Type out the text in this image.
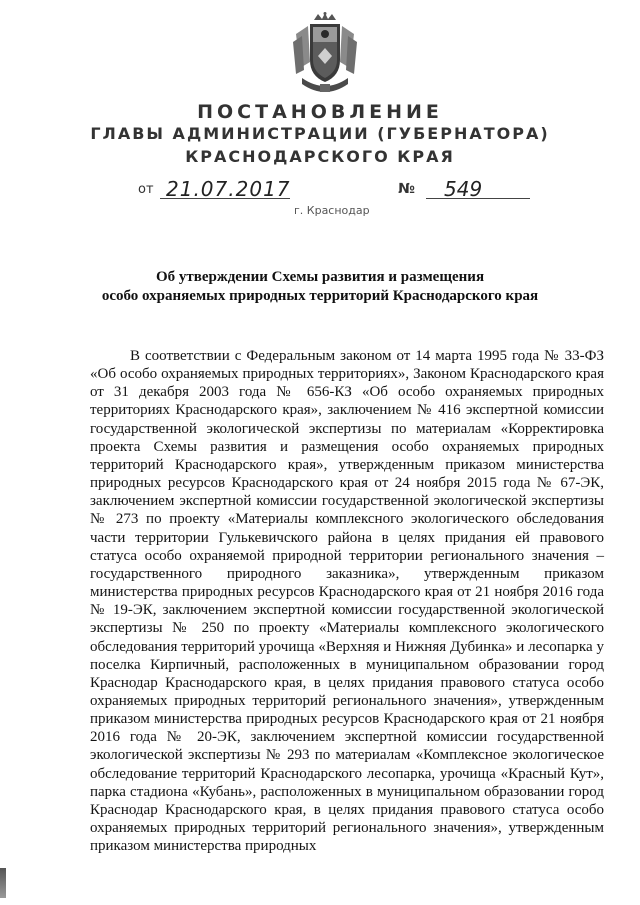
ПОСТАНОВЛЕНИЕ
ГЛАВЫ АДМИНИСТРАЦИИ (ГУБЕРНАТОРА)
КРАСНОДАРСКОГО КРАЯ
от 21.07.2017	№ 549
г. Краснодар
Об утверждении Схемы развития и размещения
особо охраняемых природных территорий Краснодарского края

В соответствии с Федеральным законом от 14 марта 1995 года № 33-ФЗ «Об особо охраняемых природных территориях», Законом Краснодарского края от 31 декабря 2003 года № 656-КЗ «Об особо охраняемых природных территориях Краснодарского края», заключением № 416 экспертной комиссии государственной экологической экспертизы по материалам «Корректировка проекта Схемы развития и размещения особо охраняемых природных территорий Краснодарского края», утвержденным приказом министерства природных ресурсов Краснодарского края от 24 ноября 2015 года № 67-ЭК, заключением экспертной комиссии государственной экологической экспертизы № 273 по проекту «Материалы комплексного экологического обследования части территории Гулькевичского района в целях придания ей правового статуса особо охраняемой природной территории регионального значения – государственного природного заказника», утвержденным приказом министерства природных ресурсов Краснодарского края от 21 ноября 2016 года № 19-ЭК, заключением экспертной комиссии государственной экологической экспертизы № 250 по проекту «Материалы комплексного экологического обследования территорий урочища «Верхняя и Нижняя Дубинка» и лесопарка у поселка Кирпичный, расположенных в муниципальном образовании город Краснодар Краснодарского края, в целях придания правового статуса особо охраняемых природных территорий регионального значения», утвержденным приказом министерства природных ресурсов Краснодарского края от 21 ноября 2016 года № 20-ЭК, заключением экспертной комиссии государственной экологической экспертизы № 293 по материалам «Комплексное экологическое обследование территорий Краснодарского лесопарка, урочища «Красный Кут», парка стадиона «Кубань», расположенных в муниципальном образовании город Краснодар Краснодарского края, в целях придания правового статуса особо охраняемых природных территорий регионального значения», утвержденным приказом министерства природных
